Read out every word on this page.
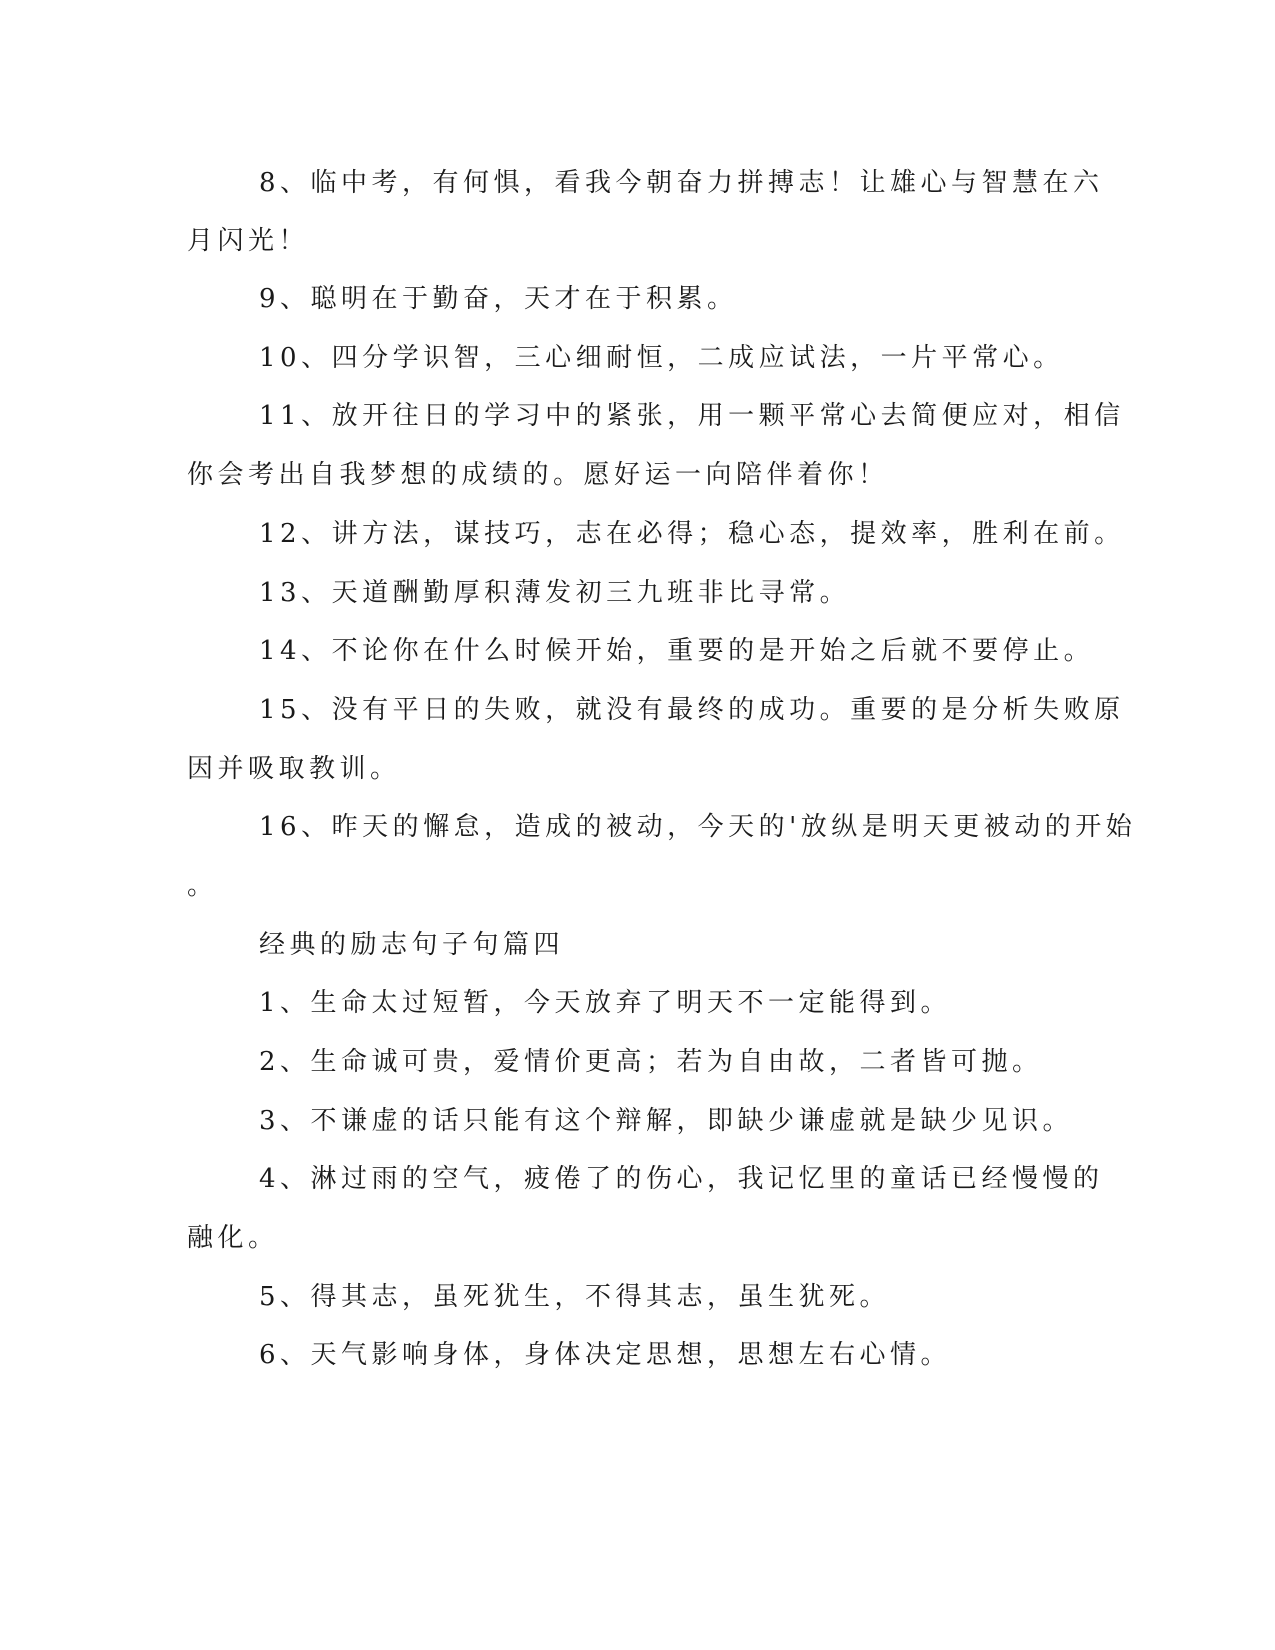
8、临中考，有何惧，看我今朝奋力拼搏志！让雄心与智慧在六
月闪光！
9、聪明在于勤奋，天才在于积累。
10、四分学识智，三心细耐恒，二成应试法，一片平常心。
11、放开往日的学习中的紧张，用一颗平常心去简便应对，相信
你会考出自我梦想的成绩的。愿好运一向陪伴着你！
12、讲方法，谋技巧，志在必得；稳心态，提效率，胜利在前。
13、天道酬勤厚积薄发初三九班非比寻常。
14、不论你在什么时候开始，重要的是开始之后就不要停止。
15、没有平日的失败，就没有最终的成功。重要的是分析失败原
因并吸取教训。
16、昨天的懈怠，造成的被动，今天的'放纵是明天更被动的开始
。
经典的励志句子句篇四
1、生命太过短暂，今天放弃了明天不一定能得到。
2、生命诚可贵，爱情价更高；若为自由故，二者皆可抛。
3、不谦虚的话只能有这个辩解，即缺少谦虚就是缺少见识。
4、淋过雨的空气，疲倦了的伤心，我记忆里的童话已经慢慢的
融化。
5、得其志，虽死犹生，不得其志，虽生犹死。
6、天气影响身体，身体决定思想，思想左右心情。
